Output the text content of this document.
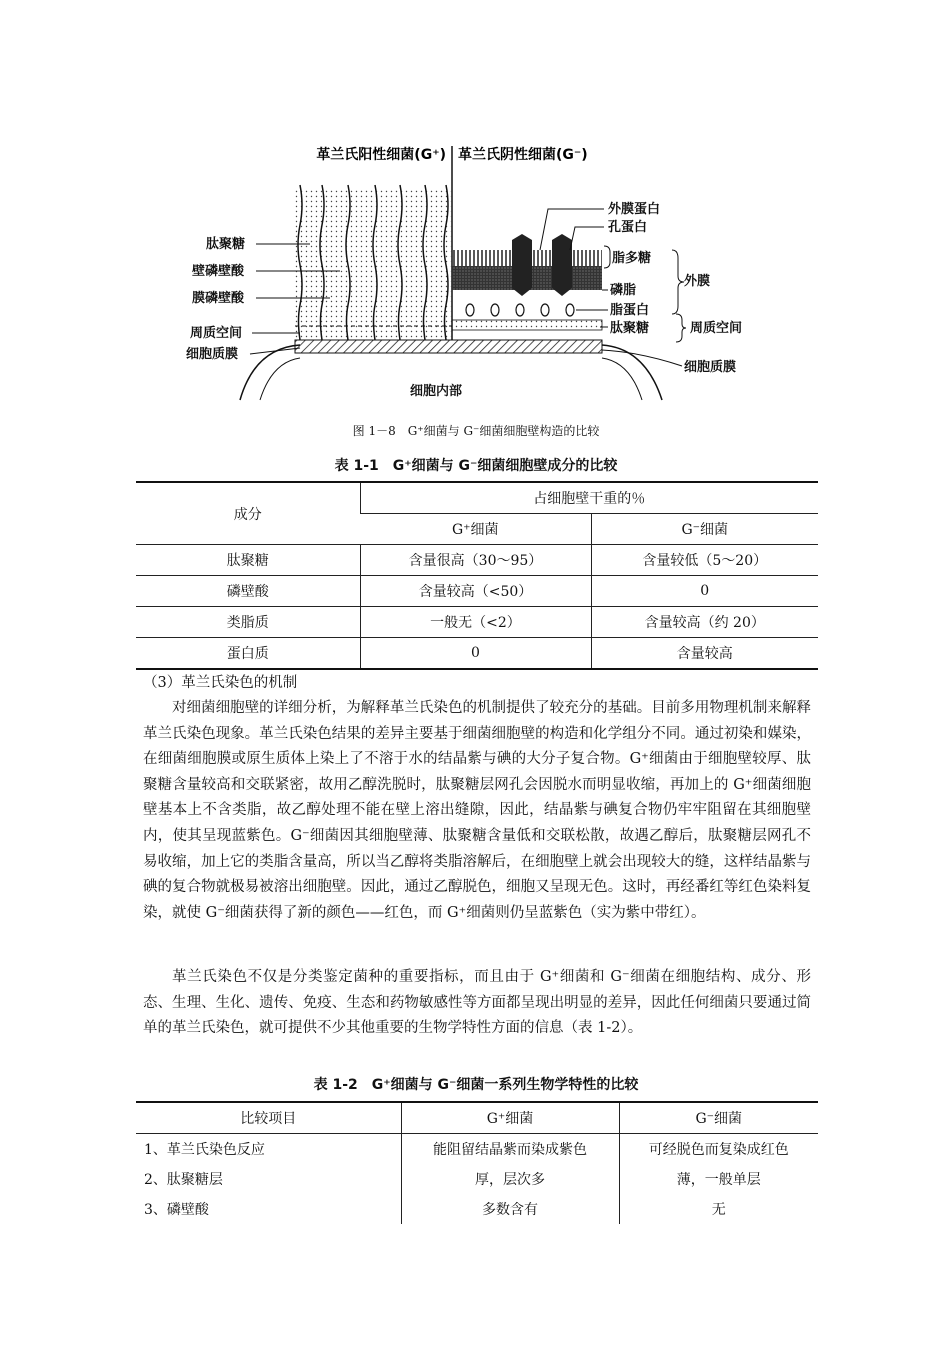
革兰氏阳性细菌(G⁺) 革兰氏阴性细菌(G⁻)
肽聚糖
壁磷壁酸
膜磷壁酸
周质空间
细胞质膜
外膜蛋白
孔蛋白
脂多糖
磷脂
脂蛋白
肽聚糖
外膜
周质空间
细胞质膜
细胞内部
图 1－8　G⁺细菌与 G⁻细菌细胞壁构造的比较
表 1-1　G⁺细菌与 G⁻细菌细胞壁成分的比较
成分	占细胞壁干重的％	
	G⁺细菌	G⁻细菌
肽聚糖	含量很高（30～95）	含量较低（5～20）
磷壁酸	含量较高（<50）	0
类脂质	一般无（<2）	含量较高（约 20）
蛋白质	0	含量较高
（3）革兰氏染色的机制
对细菌细胞壁的详细分析，为解释革兰氏染色的机制提供了较充分的基础。目前多用物理机制来解释革兰氏染色现象。革兰氏染色结果的差异主要基于细菌细胞壁的构造和化学组分不同。通过初染和媒染，在细菌细胞膜或原生质体上染上了不溶于水的结晶紫与碘的大分子复合物。G⁺细菌由于细胞壁较厚、肽聚糖含量较高和交联紧密，故用乙醇洗脱时，肽聚糖层网孔会因脱水而明显收缩，再加上的 G⁺细菌细胞壁基本上不含类脂，故乙醇处理不能在壁上溶出缝隙，因此，结晶紫与碘复合物仍牢牢阻留在其细胞壁内，使其呈现蓝紫色。G⁻细菌因其细胞壁薄、肽聚糖含量低和交联松散，故遇乙醇后，肽聚糖层网孔不易收缩，加上它的类脂含量高，所以当乙醇将类脂溶解后，在细胞壁上就会出现较大的缝，这样结晶紫与碘的复合物就极易被溶出细胞壁。因此，通过乙醇脱色，细胞又呈现无色。这时，再经番红等红色染料复染，就使 G⁻细菌获得了新的颜色——红色，而 G⁺细菌则仍呈蓝紫色（实为紫中带红）。
革兰氏染色不仅是分类鉴定菌种的重要指标，而且由于 G⁺细菌和 G⁻细菌在细胞结构、成分、形态、生理、生化、遗传、免疫、生态和药物敏感性等方面都呈现出明显的差异，因此任何细菌只要通过简单的革兰氏染色，就可提供不少其他重要的生物学特性方面的信息（表 1-2）。
表 1-2　G⁺细菌与 G⁻细菌一系列生物学特性的比较
比较项目	G⁺细菌	G⁻细菌
1、革兰氏染色反应	能阻留结晶紫而染成紫色	可经脱色而复染成红色
2、肽聚糖层	厚，层次多	薄，一般单层
3、磷壁酸	多数含有	无
